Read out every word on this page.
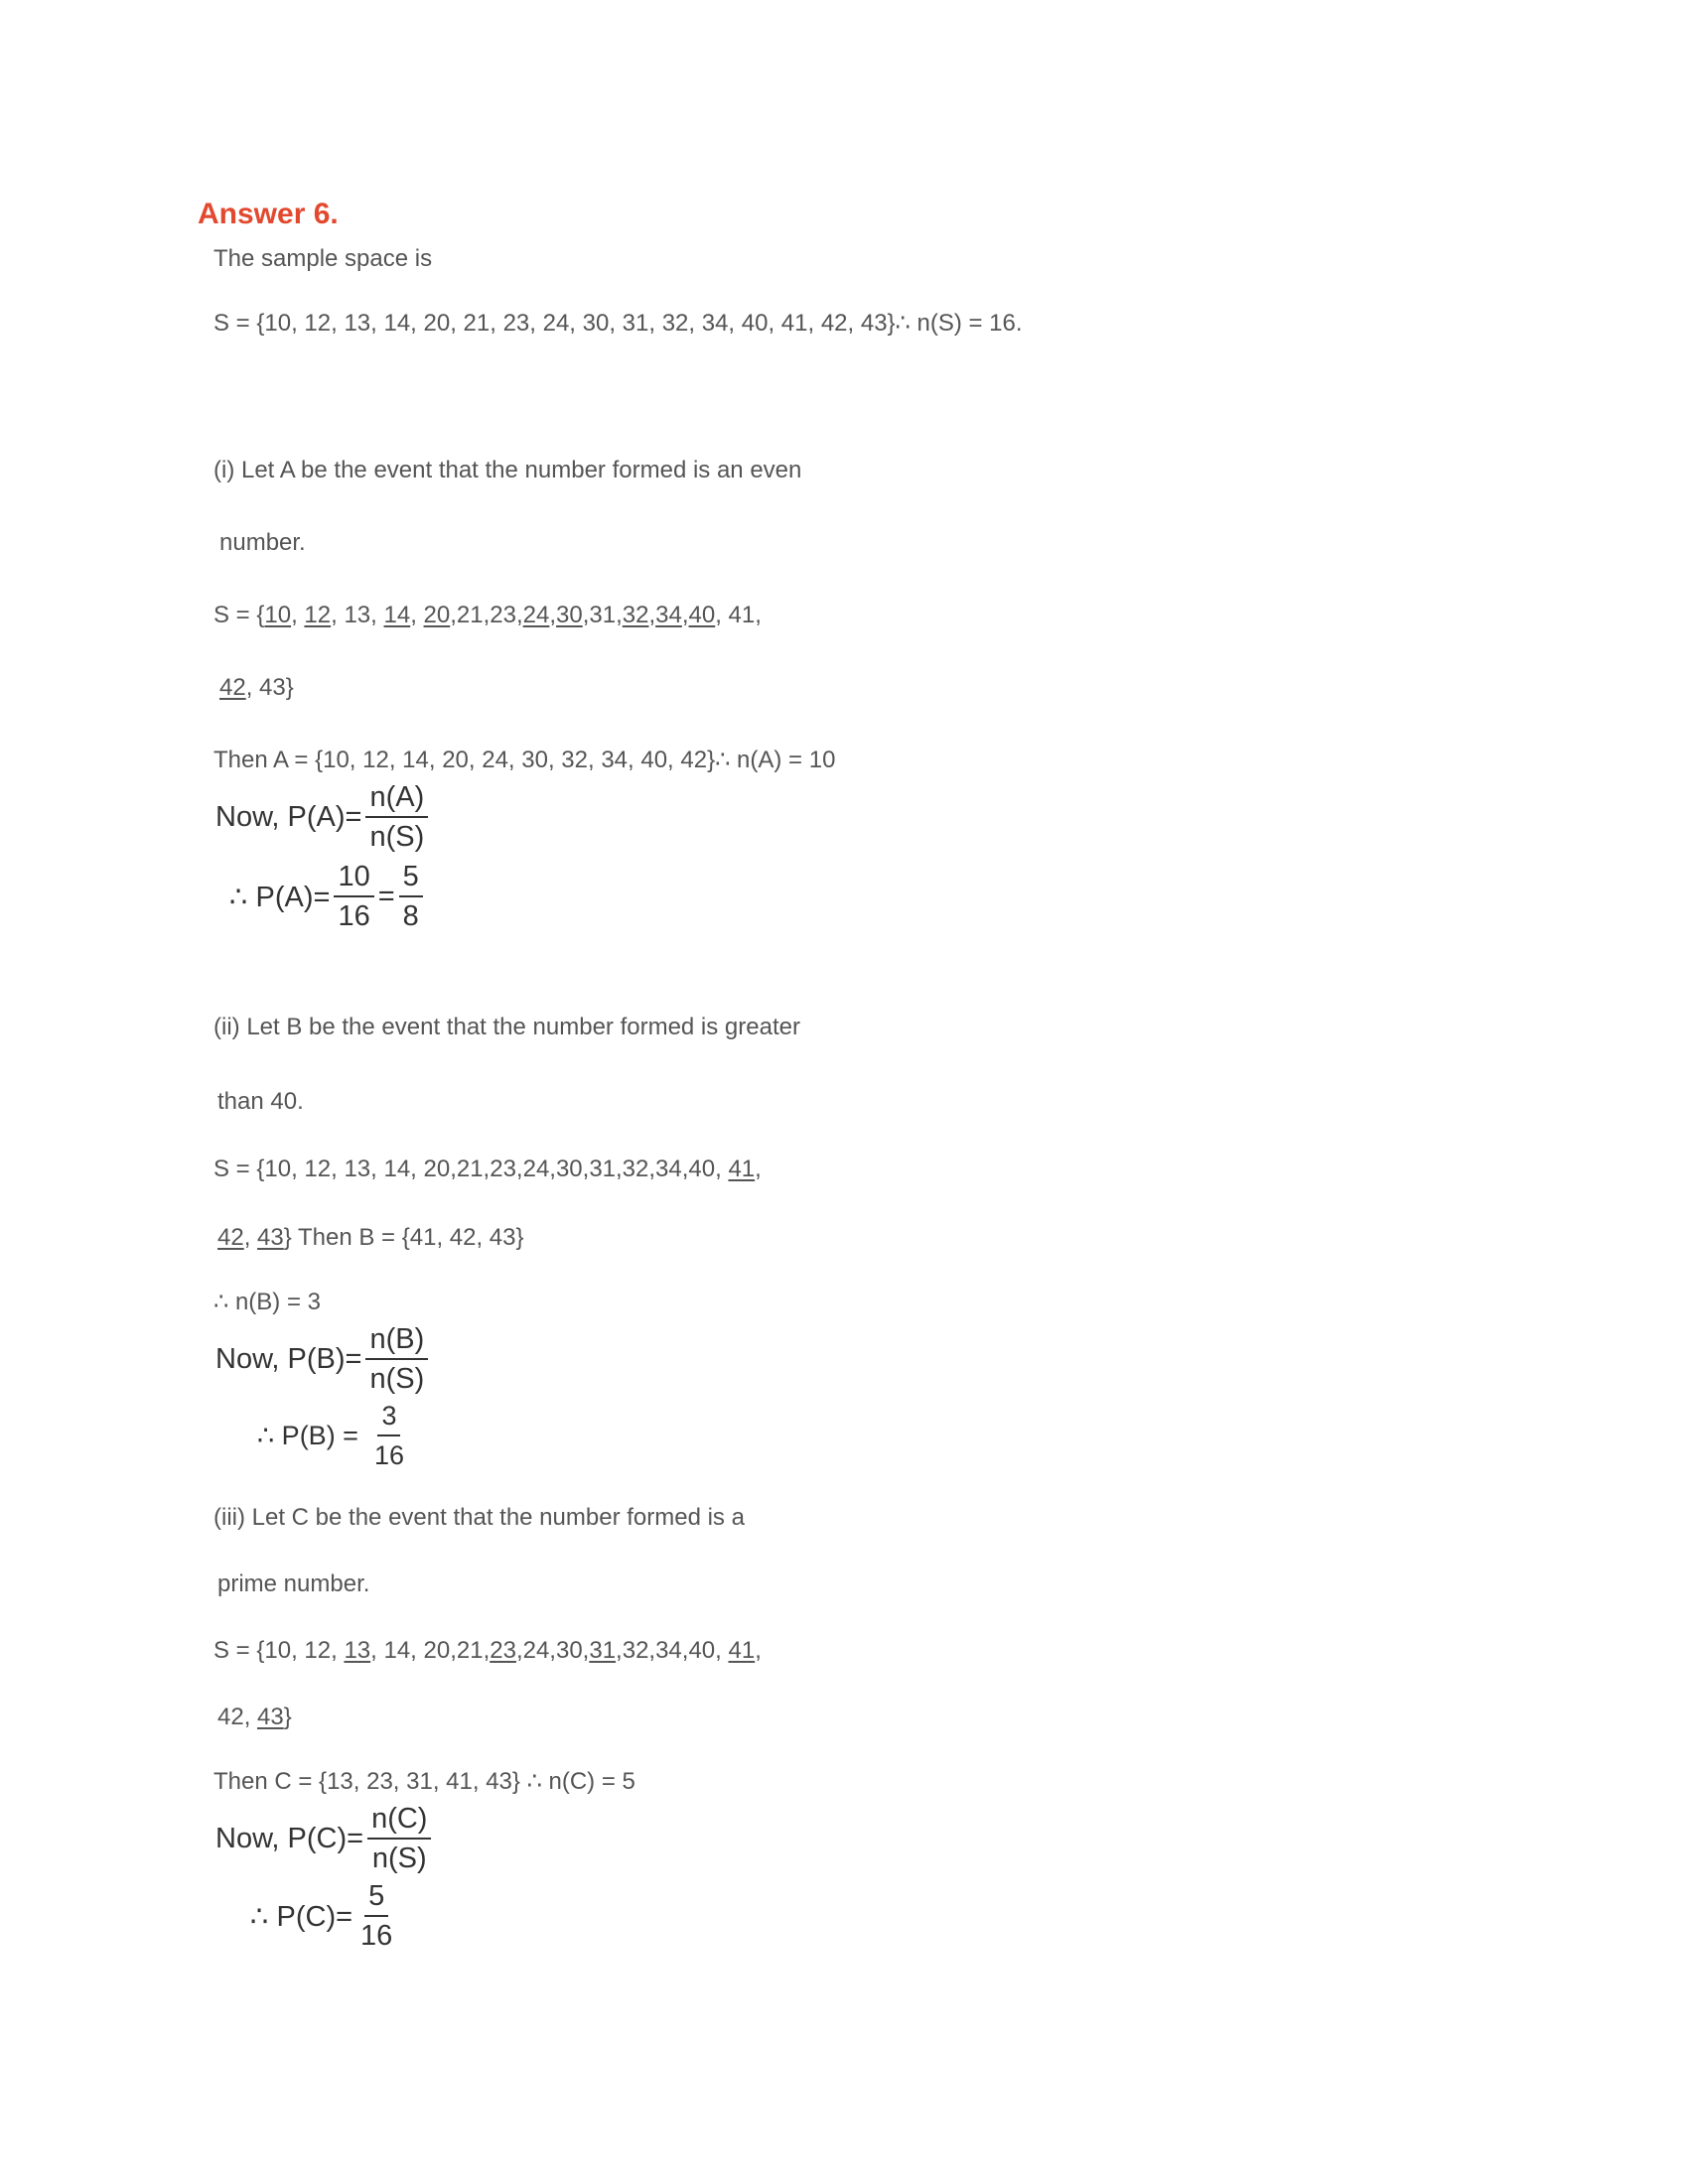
Answer 6.
The sample space is
S = {10, 12, 13, 14, 20, 21, 23, 24, 30, 31, 32, 34, 40, 41, 42, 43}∴ n(S) = 16.
(i) Let A be the event that the number formed is an even
number.
S = {10, 12, 13, 14, 20,21,23,24,30,31,32,34,40, 41,
42, 43}
Then A = {10, 12, 14, 20, 24, 30, 32, 34, 40, 42}∴ n(A) = 10
Now, $P(A)= \frac{n(A)}{n(S)}$
∴ $P(A)= \frac{10}{16} = \frac{5}{8}$
(ii) Let B be the event that the number formed is greater
than 40.
S = {10, 12, 13, 14, 20,21,23,24,30,31,32,34,40, 41,
42, 43} Then B = {41, 42, 43}
∴ n(B) = 3
Now, $P(B)= \frac{n(B)}{n(S)}$
∴ $P(B) = \frac{3}{16}$
(iii) Let C be the event that the number formed is a
prime number.
S = {10, 12, 13, 14, 20,21,23,24,30,31,32,34,40, 41,
42, 43}
Then C = {13, 23, 31, 41, 43} ∴ n(C) = 5
Now, $P(C)= \frac{n(C)}{n(S)}$
∴ $P(C)= \frac{5}{16}$
